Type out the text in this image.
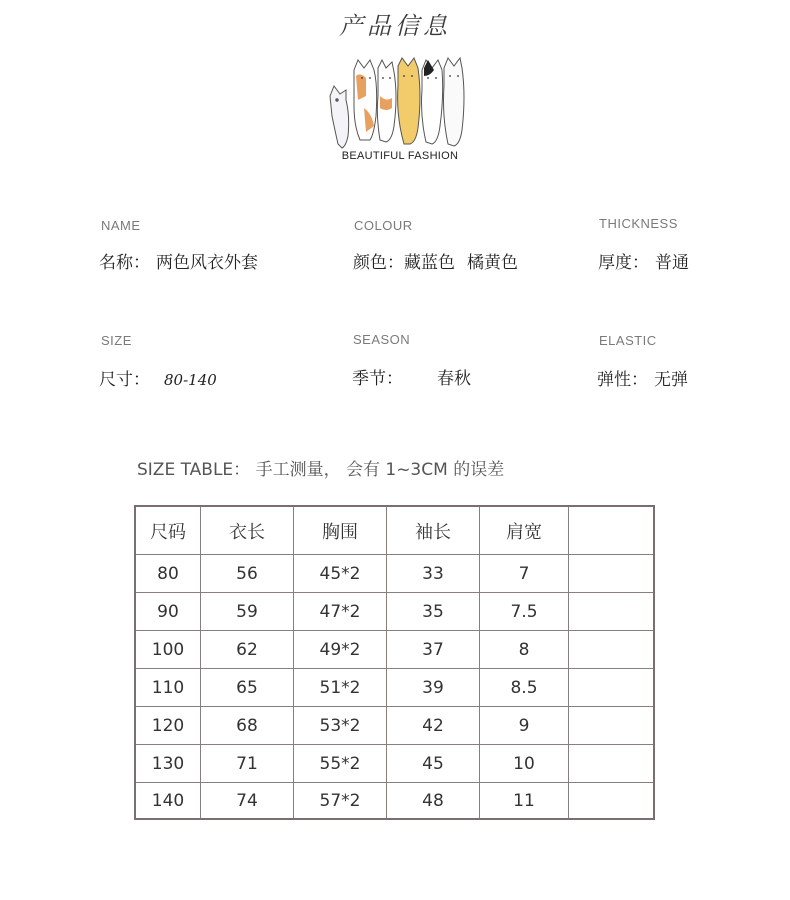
产品信息
BEAUTIFUL FASHION
NAME
名称： 两色风衣外套
COLOUR
颜色：藏蓝色 橘黄色
THICKNESS
厚度： 普通
SIZE
尺寸： 80-140
SEASON
季节： 春秋
ELASTIC
弹性： 无弹
SIZE TABLE： 手工测量， 会有 1~3CM 的误差
尺码	衣长	胸围	袖长	肩宽	
80	56	45*2	33	7	
90	59	47*2	35	7.5	
100	62	49*2	37	8	
110	65	51*2	39	8.5	
120	68	53*2	42	9	
130	71	55*2	45	10	
140	74	57*2	48	11	
